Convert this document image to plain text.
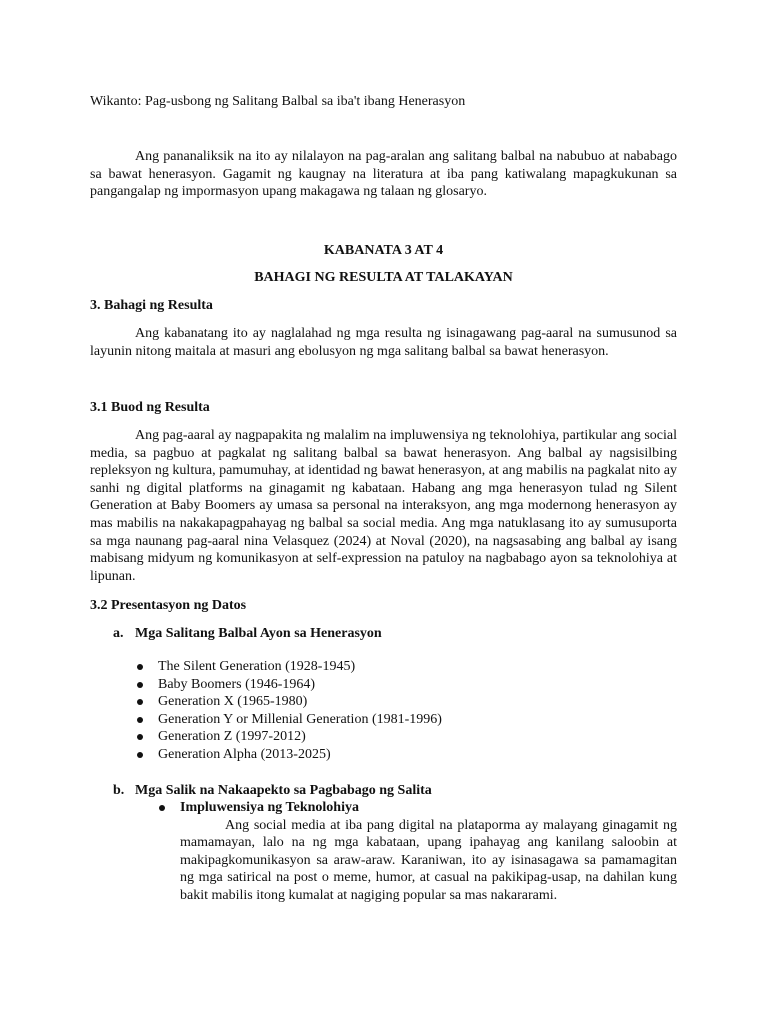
Wikanto: Pag-usbong ng Salitang Balbal sa iba't ibang Henerasyon

Ang pananaliksik na ito ay nilalayon na pag-aralan ang salitang balbal na nabubuo at nababago sa bawat henerasyon. Gagamit ng kaugnay na literatura at iba pang katiwalang mapagkukunan sa pangangalap ng impormasyon upang makagawa ng talaan ng glosaryo.

KABANATA 3 AT 4

BAHAGI NG RESULTA AT TALAKAYAN

3. Bahagi ng Resulta

Ang kabanatang ito ay naglalahad ng mga resulta ng isinagawang pag-aaral na sumusunod sa layunin nitong maitala at masuri ang ebolusyon ng mga salitang balbal sa bawat henerasyon.

3.1 Buod ng Resulta

Ang pag-aaral ay nagpapakita ng malalim na impluwensiya ng teknolohiya, partikular ang social media, sa pagbuo at pagkalat ng salitang balbal sa bawat henerasyon. Ang balbal ay nagsisilbing repleksyon ng kultura, pamumuhay, at identidad ng bawat henerasyon, at ang mabilis na pagkalat nito ay sanhi ng digital platforms na ginagamit ng kabataan. Habang ang mga henerasyon tulad ng Silent Generation at Baby Boomers ay umasa sa personal na interaksyon, ang mga modernong henerasyon ay mas mabilis na nakakapagpahayag ng balbal sa social media. Ang mga natuklasang ito ay sumusuporta sa mga naunang pag-aaral nina Velasquez (2024) at Noval (2020), na nagsasabing ang balbal ay isang mabisang midyum ng komunikasyon at self-expression na patuloy na nagbabago ayon sa teknolohiya at lipunan.

3.2 Presentasyon ng Datos

a. Mga Salitang Balbal Ayon sa Henerasyon
The Silent Generation (1928-1945)
Baby Boomers (1946-1964)
Generation X (1965-1980)
Generation Y or Millenial Generation (1981-1996)
Generation Z (1997-2012)
Generation Alpha (2013-2025)
b. Mga Salik na Nakaapekto sa Pagbabago ng Salita
Impluwensiya ng Teknolohiya

Ang social media at iba pang digital na plataporma ay malayang ginagamit ng mamamayan, lalo na ng mga kabataan, upang ipahayag ang kanilang saloobin at makipagkomunikasyon sa araw-araw. Karaniwan, ito ay isinasagawa sa pamamagitan ng mga satirical na post o meme, humor, at casual na pakikipag-usap, na dahilan kung bakit mabilis itong kumalat at nagiging popular sa mas nakararami.
